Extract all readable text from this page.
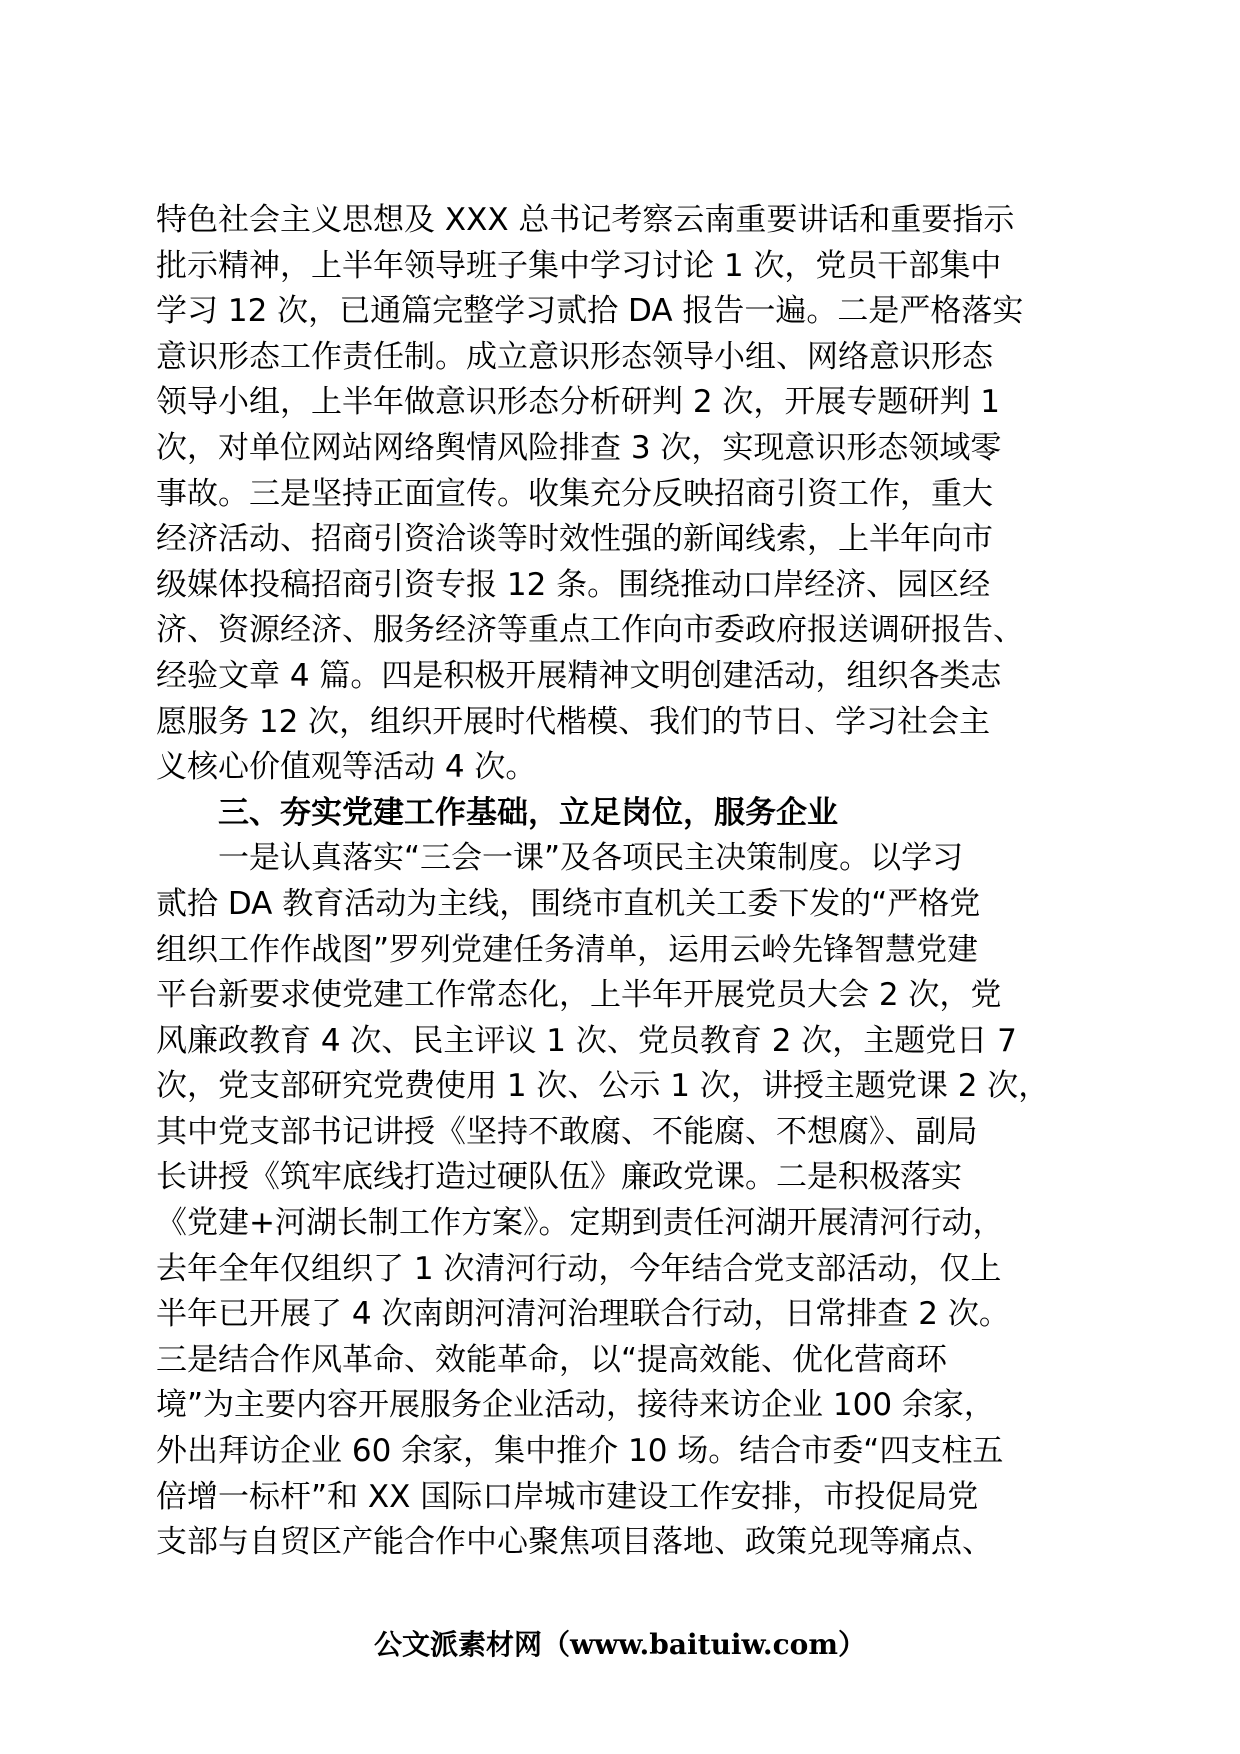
特色社会主义思想及 XXX 总书记考察云南重要讲话和重要指示
批示精神，上半年领导班子集中学习讨论 1 次，党员干部集中
学习 12 次，已通篇完整学习贰拾 DA 报告一遍。二是严格落实
意识形态工作责任制。成立意识形态领导小组、网络意识形态
领导小组，上半年做意识形态分析研判 2 次，开展专题研判 1
次，对单位网站网络舆情风险排查 3 次，实现意识形态领域零
事故。三是坚持正面宣传。收集充分反映招商引资工作，重大
经济活动、招商引资洽谈等时效性强的新闻线索，上半年向市
级媒体投稿招商引资专报 12 条。围绕推动口岸经济、园区经
济、资源经济、服务经济等重点工作向市委政府报送调研报告、
经验文章 4 篇。四是积极开展精神文明创建活动，组织各类志
愿服务 12 次，组织开展时代楷模、我们的节日、学习社会主
义核心价值观等活动 4 次。
三、夯实党建工作基础，立足岗位，服务企业
一是认真落实“三会一课”及各项民主决策制度。以学习
贰拾 DA 教育活动为主线，围绕市直机关工委下发的“严格党
组织工作作战图”罗列党建任务清单，运用云岭先锋智慧党建
平台新要求使党建工作常态化，上半年开展党员大会 2 次，党
风廉政教育 4 次、民主评议 1 次、党员教育 2 次，主题党日 7
次，党支部研究党费使用 1 次、公示 1 次，讲授主题党课 2 次，
其中党支部书记讲授《坚持不敢腐、不能腐、不想腐》、副局
长讲授《筑牢底线打造过硬队伍》廉政党课。二是积极落实
《党建+河湖长制工作方案》。定期到责任河湖开展清河行动，
去年全年仅组织了 1 次清河行动，今年结合党支部活动，仅上
半年已开展了 4 次南朗河清河治理联合行动，日常排查 2 次。
三是结合作风革命、效能革命，以“提高效能、优化营商环
境”为主要内容开展服务企业活动，接待来访企业 100 余家，
外出拜访企业 60 余家，集中推介 10 场。结合市委“四支柱五
倍增一标杆”和 XX 国际口岸城市建设工作安排，市投促局党
支部与自贸区产能合作中心聚焦项目落地、政策兑现等痛点、
公文派素材网（www.baituiw.com）
